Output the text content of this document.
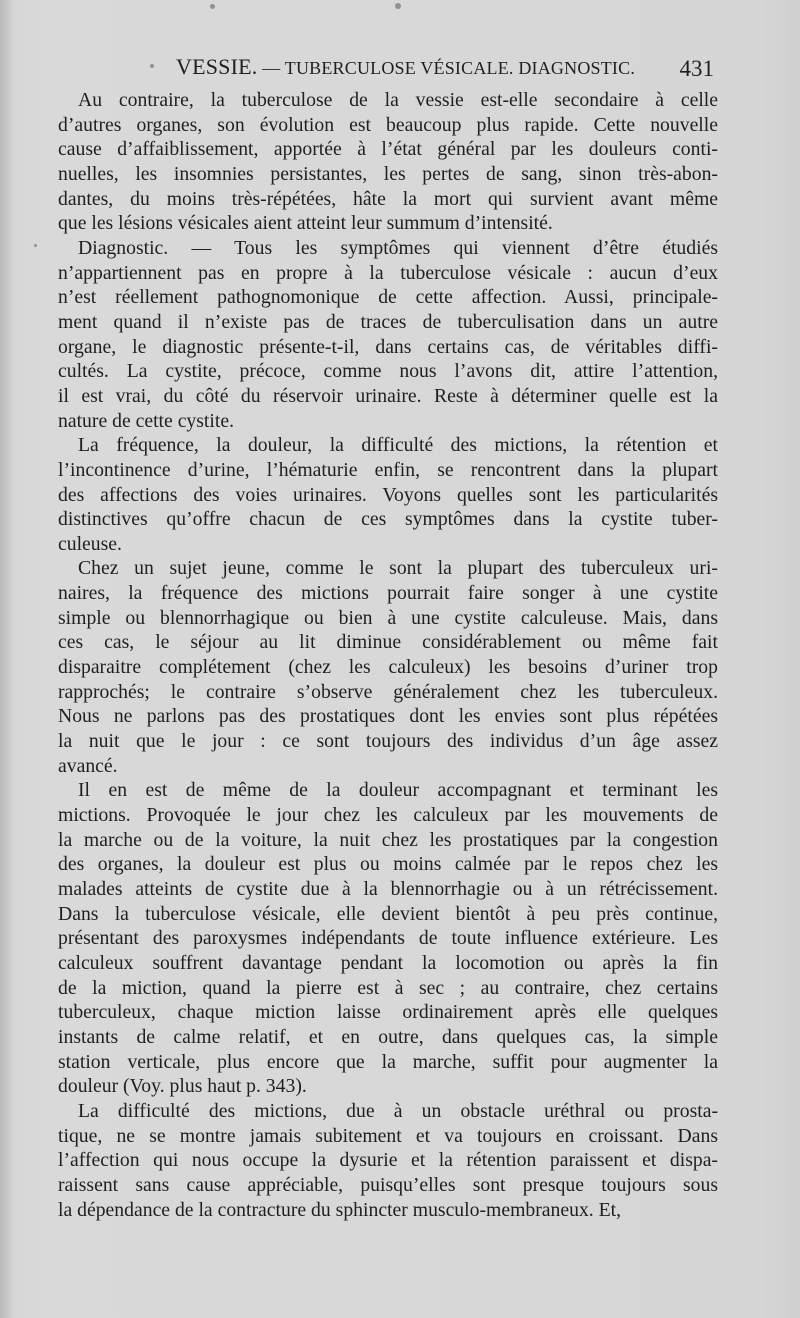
VESSIE. — TUBERCULOSE VÉSICALE. DIAGNOSTIC. 431
Au contraire, la tuberculose de la vessie est-elle secondaire à celle
d’autres organes, son évolution est beaucoup plus rapide. Cette nouvelle
cause d’affaiblissement, apportée à l’état général par les douleurs conti-
nuelles, les insomnies persistantes, les pertes de sang, sinon très-abon-
dantes, du moins très-répétées, hâte la mort qui survient avant même
que les lésions vésicales aient atteint leur summum d’intensité.
Diagnostic. — Tous les symptômes qui viennent d’être étudiés
n’appartiennent pas en propre à la tuberculose vésicale : aucun d’eux
n’est réellement pathognomonique de cette affection. Aussi, principale-
ment quand il n’existe pas de traces de tuberculisation dans un autre
organe, le diagnostic présente-t-il, dans certains cas, de véritables diffi-
cultés. La cystite, précoce, comme nous l’avons dit, attire l’attention,
il est vrai, du côté du réservoir urinaire. Reste à déterminer quelle est la
nature de cette cystite.
La fréquence, la douleur, la difficulté des mictions, la rétention et
l’incontinence d’urine, l’hématurie enfin, se rencontrent dans la plupart
des affections des voies urinaires. Voyons quelles sont les particularités
distinctives qu’offre chacun de ces symptômes dans la cystite tuber-
culeuse.
Chez un sujet jeune, comme le sont la plupart des tuberculeux uri-
naires, la fréquence des mictions pourrait faire songer à une cystite
simple ou blennorrhagique ou bien à une cystite calculeuse. Mais, dans
ces cas, le séjour au lit diminue considérablement ou même fait
disparaitre complétement (chez les calculeux) les besoins d’uriner trop
rapprochés; le contraire s’observe généralement chez les tuberculeux.
Nous ne parlons pas des prostatiques dont les envies sont plus répétées
la nuit que le jour : ce sont toujours des individus d’un âge assez
avancé.
Il en est de même de la douleur accompagnant et terminant les
mictions. Provoquée le jour chez les calculeux par les mouvements de
la marche ou de la voiture, la nuit chez les prostatiques par la congestion
des organes, la douleur est plus ou moins calmée par le repos chez les
malades atteints de cystite due à la blennorrhagie ou à un rétrécissement.
Dans la tuberculose vésicale, elle devient bientôt à peu près continue,
présentant des paroxysmes indépendants de toute influence extérieure. Les
calculeux souffrent davantage pendant la locomotion ou après la fin
de la miction, quand la pierre est à sec ; au contraire, chez certains
tuberculeux, chaque miction laisse ordinairement après elle quelques
instants de calme relatif, et en outre, dans quelques cas, la simple
station verticale, plus encore que la marche, suffit pour augmenter la
douleur (Voy. plus haut p. 343).
La difficulté des mictions, due à un obstacle uréthral ou prosta-
tique, ne se montre jamais subitement et va toujours en croissant. Dans
l’affection qui nous occupe la dysurie et la rétention paraissent et dispa-
raissent sans cause appréciable, puisqu’elles sont presque toujours sous
la dépendance de la contracture du sphincter musculo-membraneux. Et,
